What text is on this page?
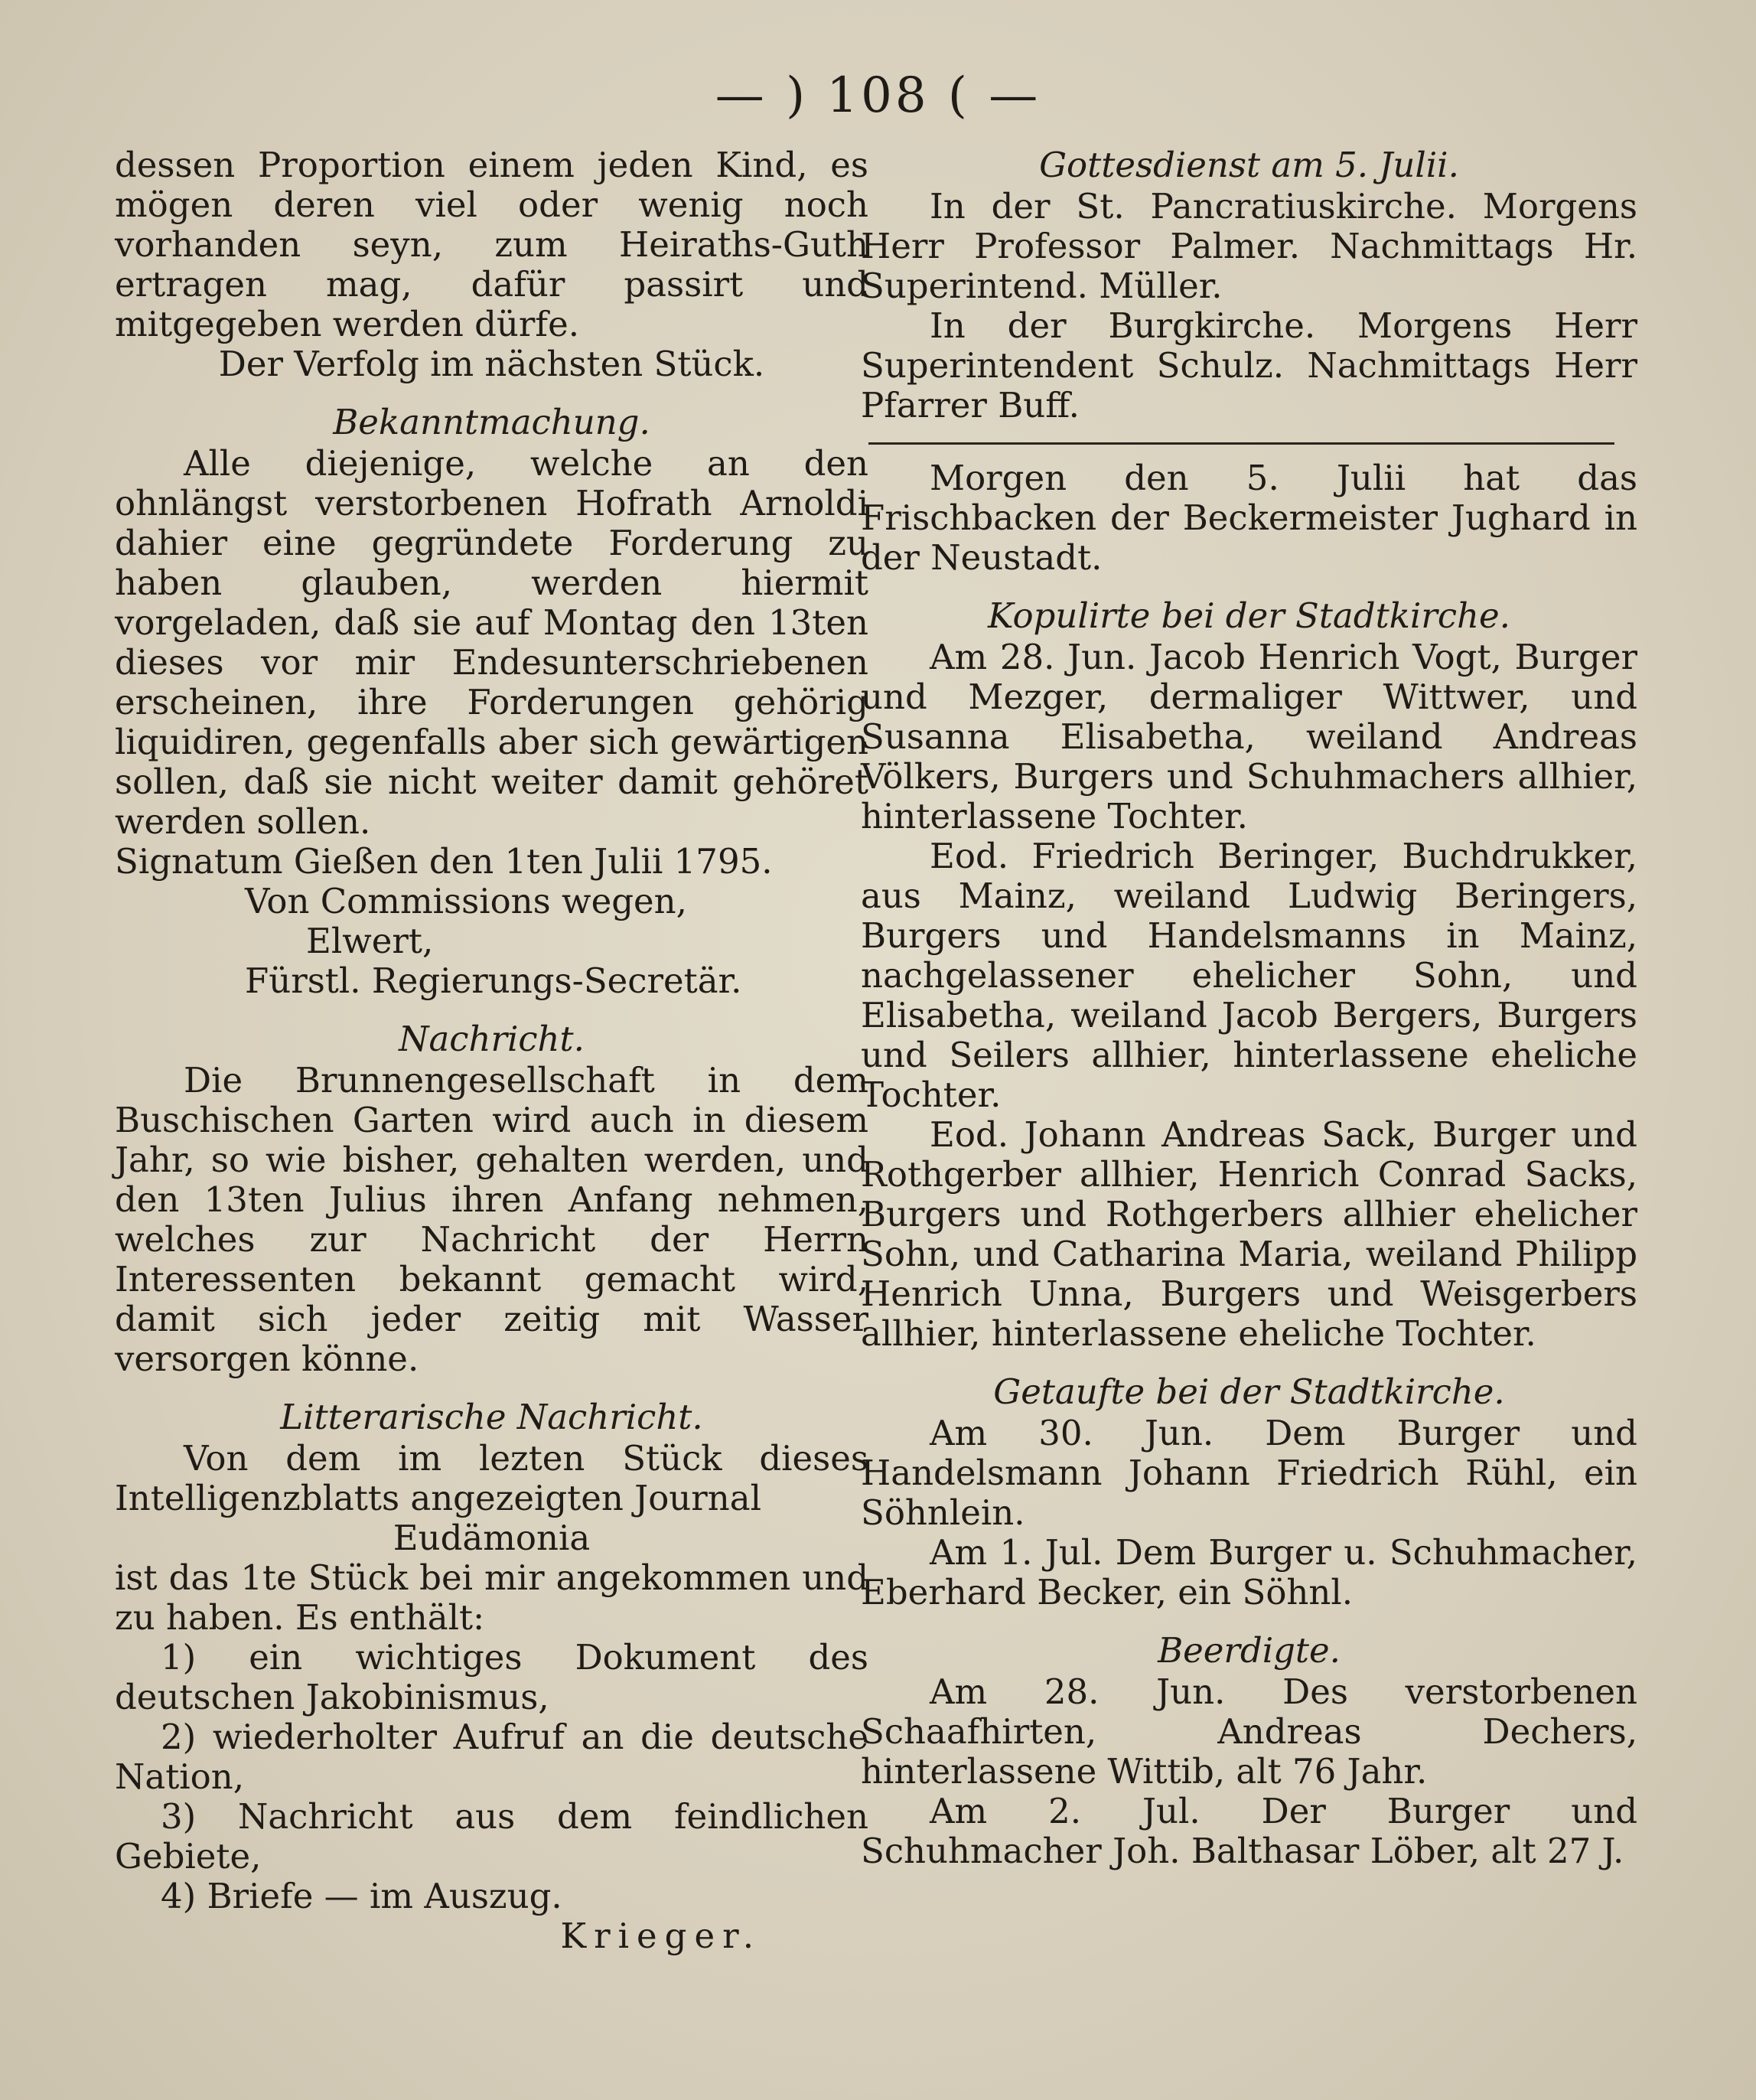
— ) 108 ( —

dessen Proportion einem jeden Kind, es mögen deren viel oder wenig noch vorhanden seyn, zum Heiraths-Guth ertragen mag, dafür passirt und mitgegeben werden dürfe.

Der Verfolg im nächsten Stück.

Bekanntmachung.

Alle diejenige, welche an den ohnlängst verstorbenen Hofrath Arnoldi dahier eine gegründete Forderung zu haben glauben, werden hiermit vorgeladen, daß sie auf Montag den 13ten dieses vor mir Endesunterschriebenen erscheinen, ihre Forderungen gehörig liquidiren, gegenfalls aber sich gewärtigen sollen, daß sie nicht weiter damit gehöret werden sollen.

Signatum Gießen den 1ten Julii 1795.

Von Commissions wegen,

Elwert,

Fürstl. Regierungs-Secretär.

Nachricht.

Die Brunnengesellschaft in dem Buschischen Garten wird auch in diesem Jahr, so wie bisher, gehalten werden, und den 13ten Julius ihren Anfang nehmen, welches zur Nachricht der Herrn Interessenten bekannt gemacht wird, damit sich jeder zeitig mit Wasser versorgen könne.

Litterarische Nachricht.

Von dem im lezten Stück dieses Intelligenzblatts angezeigten Journal

Eudämonia

ist das 1te Stück bei mir angekommen und zu haben. Es enthält:

1) ein wichtiges Dokument des deutschen Jakobinismus,

2) wiederholter Aufruf an die deutsche Nation,

3) Nachricht aus dem feindlichen Gebiete,

4) Briefe — im Auszug.

Krieger.

Gottesdienst am 5. Julii.

In der St. Pancratiuskirche. Morgens Herr Professor Palmer. Nachmittags Hr. Superintend. Müller.

In der Burgkirche. Morgens Herr Superintendent Schulz. Nachmittags Herr Pfarrer Buff.

Morgen den 5. Julii hat das Frischbacken der Beckermeister Jughard in der Neustadt.

Kopulirte bei der Stadtkirche.

Am 28. Jun. Jacob Henrich Vogt, Burger und Mezger, dermaliger Wittwer, und Susanna Elisabetha, weiland Andreas Völkers, Burgers und Schuhmachers allhier, hinterlassene Tochter.

Eod. Friedrich Beringer, Buchdrukker, aus Mainz, weiland Ludwig Beringers, Burgers und Handelsmanns in Mainz, nachgelassener ehelicher Sohn, und Elisabetha, weiland Jacob Bergers, Burgers und Seilers allhier, hinterlassene eheliche Tochter.

Eod. Johann Andreas Sack, Burger und Rothgerber allhier, Henrich Conrad Sacks, Burgers und Rothgerbers allhier ehelicher Sohn, und Catharina Maria, weiland Philipp Henrich Unna, Burgers und Weisgerbers allhier, hinterlassene eheliche Tochter.

Getaufte bei der Stadtkirche.

Am 30. Jun. Dem Burger und Handelsmann Johann Friedrich Rühl, ein Söhnlein.

Am 1. Jul. Dem Burger u. Schuhmacher, Eberhard Becker, ein Söhnl.

Beerdigte.

Am 28. Jun. Des verstorbenen Schaafhirten, Andreas Dechers, hinterlassene Wittib, alt 76 Jahr.

Am 2. Jul. Der Burger und Schuhmacher Joh. Balthasar Löber, alt 27 J.
